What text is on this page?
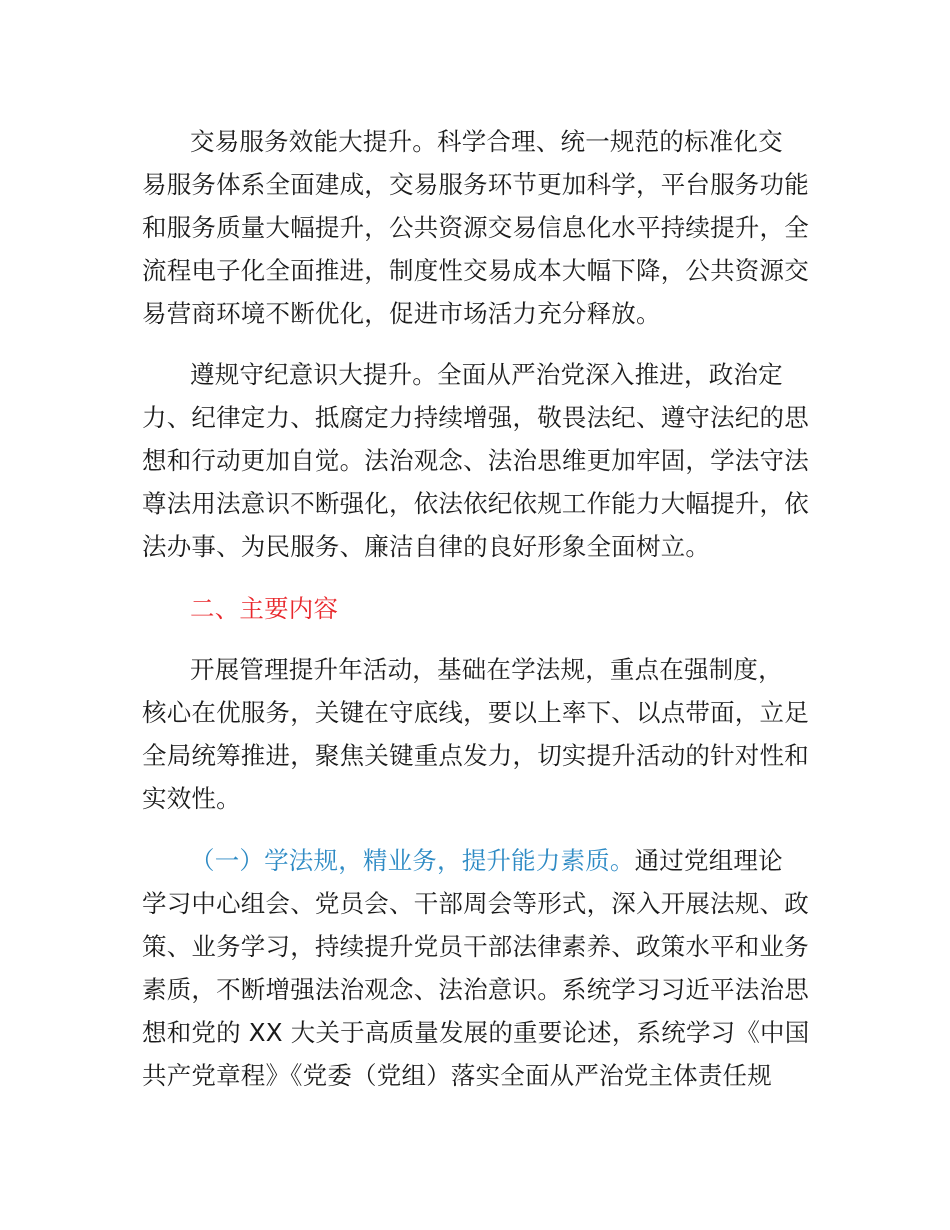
交易服务效能大提升。科学合理、统一规范的标准化交
易服务体系全面建成，交易服务环节更加科学，平台服务功能
和服务质量大幅提升，公共资源交易信息化水平持续提升，全
流程电子化全面推进，制度性交易成本大幅下降，公共资源交
易营商环境不断优化，促进市场活力充分释放。
遵规守纪意识大提升。全面从严治党深入推进，政治定
力、纪律定力、抵腐定力持续增强，敬畏法纪、遵守法纪的思
想和行动更加自觉。法治观念、法治思维更加牢固，学法守法
尊法用法意识不断强化，依法依纪依规工作能力大幅提升，依
法办事、为民服务、廉洁自律的良好形象全面树立。
二、主要内容
开展管理提升年活动，基础在学法规，重点在强制度，
核心在优服务，关键在守底线，要以上率下、以点带面，立足
全局统筹推进，聚焦关键重点发力，切实提升活动的针对性和
实效性。
（一）学法规，精业务，提升能力素质。通过党组理论
学习中心组会、党员会、干部周会等形式，深入开展法规、政
策、业务学习，持续提升党员干部法律素养、政策水平和业务
素质，不断增强法治观念、法治意识。系统学习习近平法治思
想和党的 XX 大关于高质量发展的重要论述，系统学习《中国
共产党章程》《党委（党组）落实全面从严治党主体责任规
